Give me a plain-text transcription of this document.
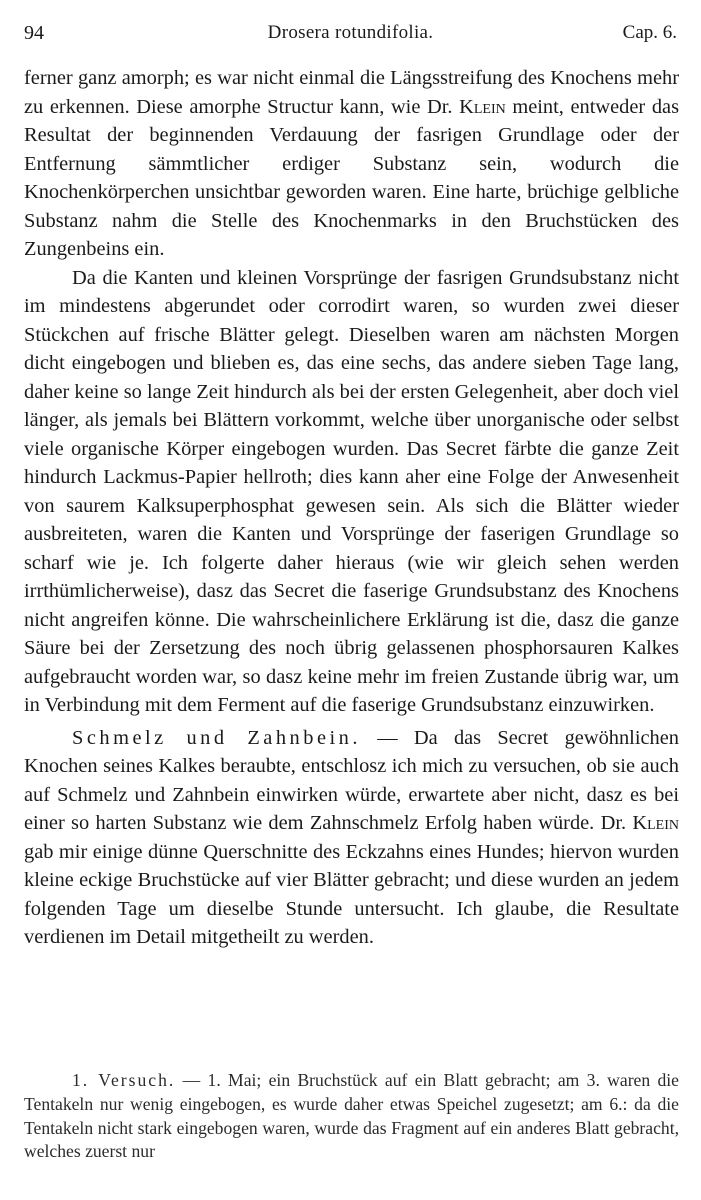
94	Drosera rotundifolia.	Cap. 6.

ferner ganz amorph; es war nicht einmal die Längsstreifung des Knochens mehr zu erkennen. Diese amorphe Structur kann, wie Dr. Klein meint, entweder das Resultat der beginnenden Verdauung der fasrigen Grundlage oder der Entfernung sämmtlicher erdiger Substanz sein, wodurch die Knochenkörperchen unsichtbar geworden waren. Eine harte, brüchige gelbliche Substanz nahm die Stelle des Knochenmarks in den Bruchstücken des Zungenbeins ein.

Da die Kanten und kleinen Vorsprünge der fasrigen Grundsubstanz nicht im mindestens abgerundet oder corrodirt waren, so wurden zwei dieser Stückchen auf frische Blätter gelegt. Dieselben waren am nächsten Morgen dicht eingebogen und blieben es, das eine sechs, das andere sieben Tage lang, daher keine so lange Zeit hindurch als bei der ersten Gelegenheit, aber doch viel länger, als jemals bei Blättern vorkommt, welche über unorganische oder selbst viele organische Körper eingebogen wurden. Das Secret färbte die ganze Zeit hindurch Lackmus-Papier hellroth; dies kann aher eine Folge der Anwesenheit von saurem Kalksuperphosphat gewesen sein. Als sich die Blätter wieder ausbreiteten, waren die Kanten und Vorsprünge der faserigen Grundlage so scharf wie je. Ich folgerte daher hieraus (wie wir gleich sehen werden irrthümlicherweise), dasz das Secret die faserige Grundsubstanz des Knochens nicht angreifen könne. Die wahrscheinlichere Erklärung ist die, dasz die ganze Säure bei der Zersetzung des noch übrig gelassenen phosphorsauren Kalkes aufgebraucht worden war, so dasz keine mehr im freien Zustande übrig war, um in Verbindung mit dem Ferment auf die faserige Grundsubstanz einzuwirken.

Schmelz und Zahnbein. — Da das Secret gewöhnlichen Knochen seines Kalkes beraubte, entschlosz ich mich zu versuchen, ob sie auch auf Schmelz und Zahnbein einwirken würde, erwartete aber nicht, dasz es bei einer so harten Substanz wie dem Zahnschmelz Erfolg haben würde. Dr. Klein gab mir einige dünne Querschnitte des Eckzahns eines Hundes; hiervon wurden kleine eckige Bruchstücke auf vier Blätter gebracht; und diese wurden an jedem folgenden Tage um dieselbe Stunde untersucht. Ich glaube, die Resultate verdienen im Detail mitgetheilt zu werden.

1. Versuch. — 1. Mai; ein Bruchstück auf ein Blatt gebracht; am 3. waren die Tentakeln nur wenig eingebogen, es wurde daher etwas Speichel zugesetzt; am 6.: da die Tentakeln nicht stark eingebogen waren, wurde das Fragment auf ein anderes Blatt gebracht, welches zuerst nur
